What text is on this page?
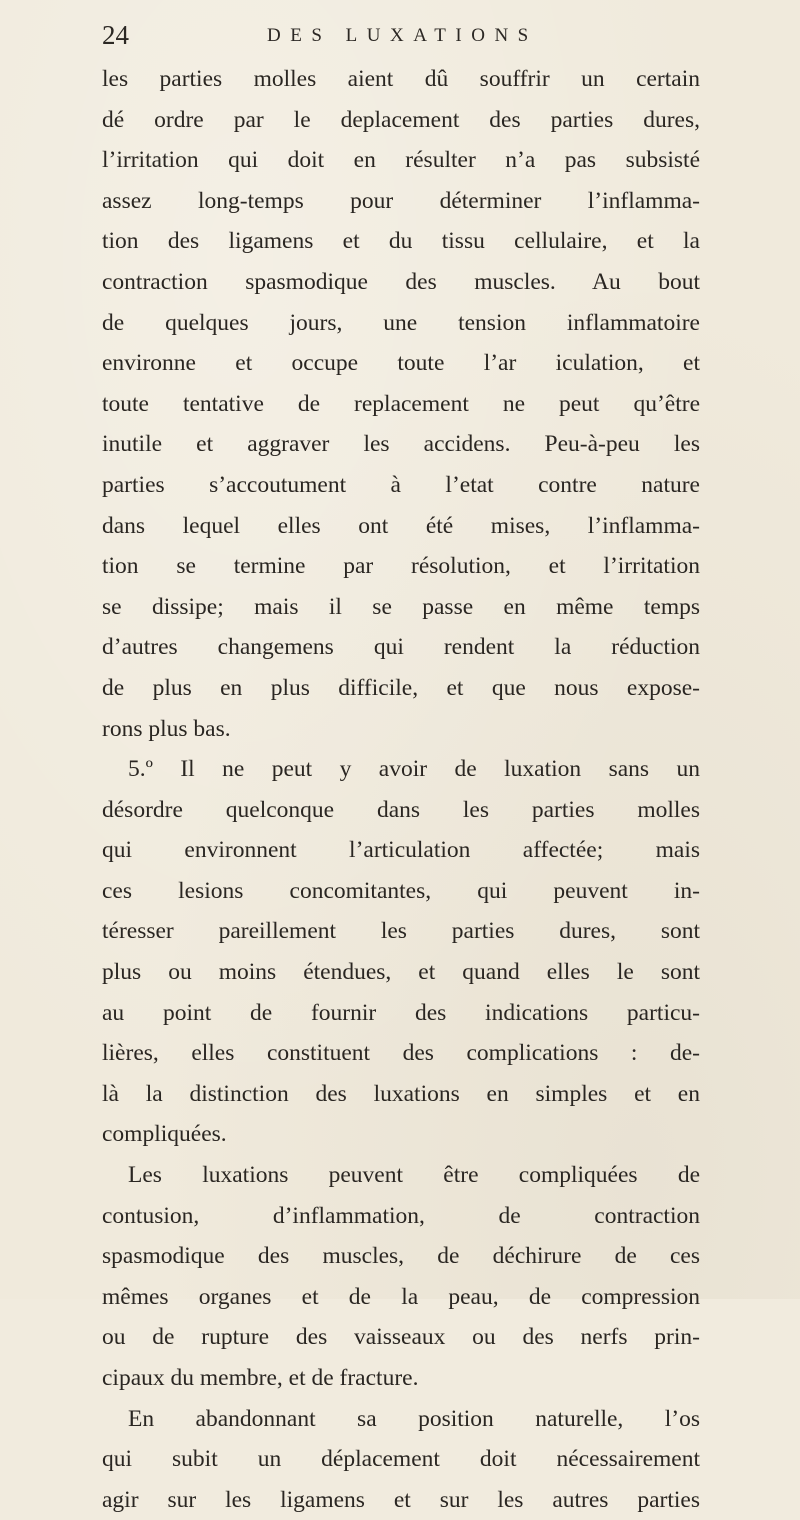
24	DES LUXATIONS
les parties molles aient dû souffrir un certain
dé ordre par le deplacement des parties dures,
l’irritation qui doit en résulter n’a pas subsisté
assez long-temps pour déterminer l’inflamma-
tion des ligamens et du tissu cellulaire, et la
contraction spasmodique des muscles. Au bout
de quelques jours, une tension inflammatoire
environne et occupe toute l’ar iculation, et
toute tentative de replacement ne peut qu’être
inutile et aggraver les accidens. Peu-à-peu les
parties s’accoutument à l’etat contre nature
dans lequel elles ont été mises, l’inflamma-
tion se termine par résolution, et l’irritation
se dissipe; mais il se passe en même temps
d’autres changemens qui rendent la réduction
de plus en plus difficile, et que nous expose-
rons plus bas.
5.º Il ne peut y avoir de luxation sans un
désordre quelconque dans les parties molles
qui environnent l’articulation affectée; mais
ces lesions concomitantes, qui peuvent in-
téresser pareillement les parties dures, sont
plus ou moins étendues, et quand elles le sont
au point de fournir des indications particu-
lières, elles constituent des complications : de-
là la distinction des luxations en simples et en
compliquées.
Les luxations peuvent être compliquées de
contusion, d’inflammation, de contraction
spasmodique des muscles, de déchirure de ces
mêmes organes et de la peau, de compression
ou de rupture des vaisseaux ou des nerfs prin-
cipaux du membre, et de fracture.
En abandonnant sa position naturelle, l’os
qui subit un déplacement doit nécessairement
agir sur les ligamens et sur les autres parties
